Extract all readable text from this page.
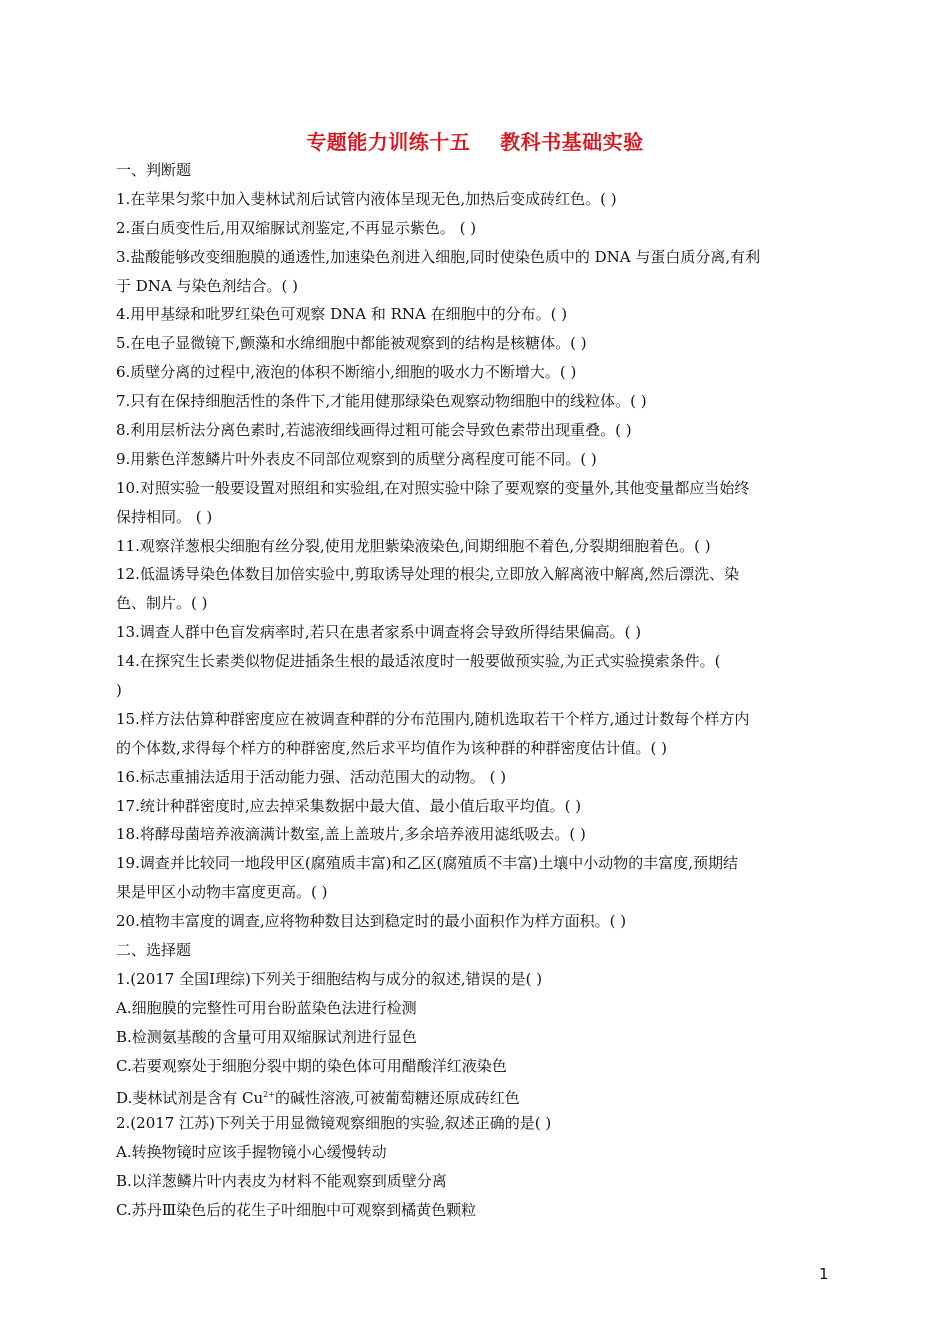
专题能力训练十五    教科书基础实验
一、判断题
1.在苹果匀浆中加入斐林试剂后试管内液体呈现无色,加热后变成砖红色。( )
2.蛋白质变性后,用双缩脲试剂鉴定,不再显示紫色。 ( )
3.盐酸能够改变细胞膜的通透性,加速染色剂进入细胞,同时使染色质中的 DNA 与蛋白质分离,有利
于 DNA 与染色剂结合。( )
4.用甲基绿和吡罗红染色可观察 DNA 和 RNA 在细胞中的分布。( )
5.在电子显微镜下,颤藻和水绵细胞中都能被观察到的结构是核糖体。( )
6.质壁分离的过程中,液泡的体积不断缩小,细胞的吸水力不断增大。( )
7.只有在保持细胞活性的条件下,才能用健那绿染色观察动物细胞中的线粒体。( )
8.利用层析法分离色素时,若滤液细线画得过粗可能会导致色素带出现重叠。( )
9.用紫色洋葱鳞片叶外表皮不同部位观察到的质壁分离程度可能不同。( )
10.对照实验一般要设置对照组和实验组,在对照实验中除了要观察的变量外,其他变量都应当始终
保持相同。 ( )
11.观察洋葱根尖细胞有丝分裂,使用龙胆紫染液染色,间期细胞不着色,分裂期细胞着色。( )
12.低温诱导染色体数目加倍实验中,剪取诱导处理的根尖,立即放入解离液中解离,然后漂洗、染
色、制片。( )
13.调查人群中色盲发病率时,若只在患者家系中调查将会导致所得结果偏高。( )
14.在探究生长素类似物促进插条生根的最适浓度时一般要做预实验,为正式实验摸索条件。(
)
15.样方法估算种群密度应在被调查种群的分布范围内,随机选取若干个样方,通过计数每个样方内
的个体数,求得每个样方的种群密度,然后求平均值作为该种群的种群密度估计值。( )
16.标志重捕法适用于活动能力强、活动范围大的动物。 ( )
17.统计种群密度时,应去掉采集数据中最大值、最小值后取平均值。( )
18.将酵母菌培养液滴满计数室,盖上盖玻片,多余培养液用滤纸吸去。( )
19.调查并比较同一地段甲区(腐殖质丰富)和乙区(腐殖质不丰富)土壤中小动物的丰富度,预期结
果是甲区小动物丰富度更高。( )
20.植物丰富度的调查,应将物种数目达到稳定时的最小面积作为样方面积。( )
二、选择题
1.(2017 全国Ⅰ理综)下列关于细胞结构与成分的叙述,错误的是( )
A.细胞膜的完整性可用台盼蓝染色法进行检测
B.检测氨基酸的含量可用双缩脲试剂进行显色
C.若要观察处于细胞分裂中期的染色体可用醋酸洋红液染色
D.斐林试剂是含有 $Cu^{2+}$的碱性溶液,可被葡萄糖还原成砖红色
2.(2017 江苏)下列关于用显微镜观察细胞的实验,叙述正确的是( )
A.转换物镜时应该手握物镜小心缓慢转动
B.以洋葱鳞片叶内表皮为材料不能观察到质壁分离
C.苏丹Ⅲ染色后的花生子叶细胞中可观察到橘黄色颗粒
1
